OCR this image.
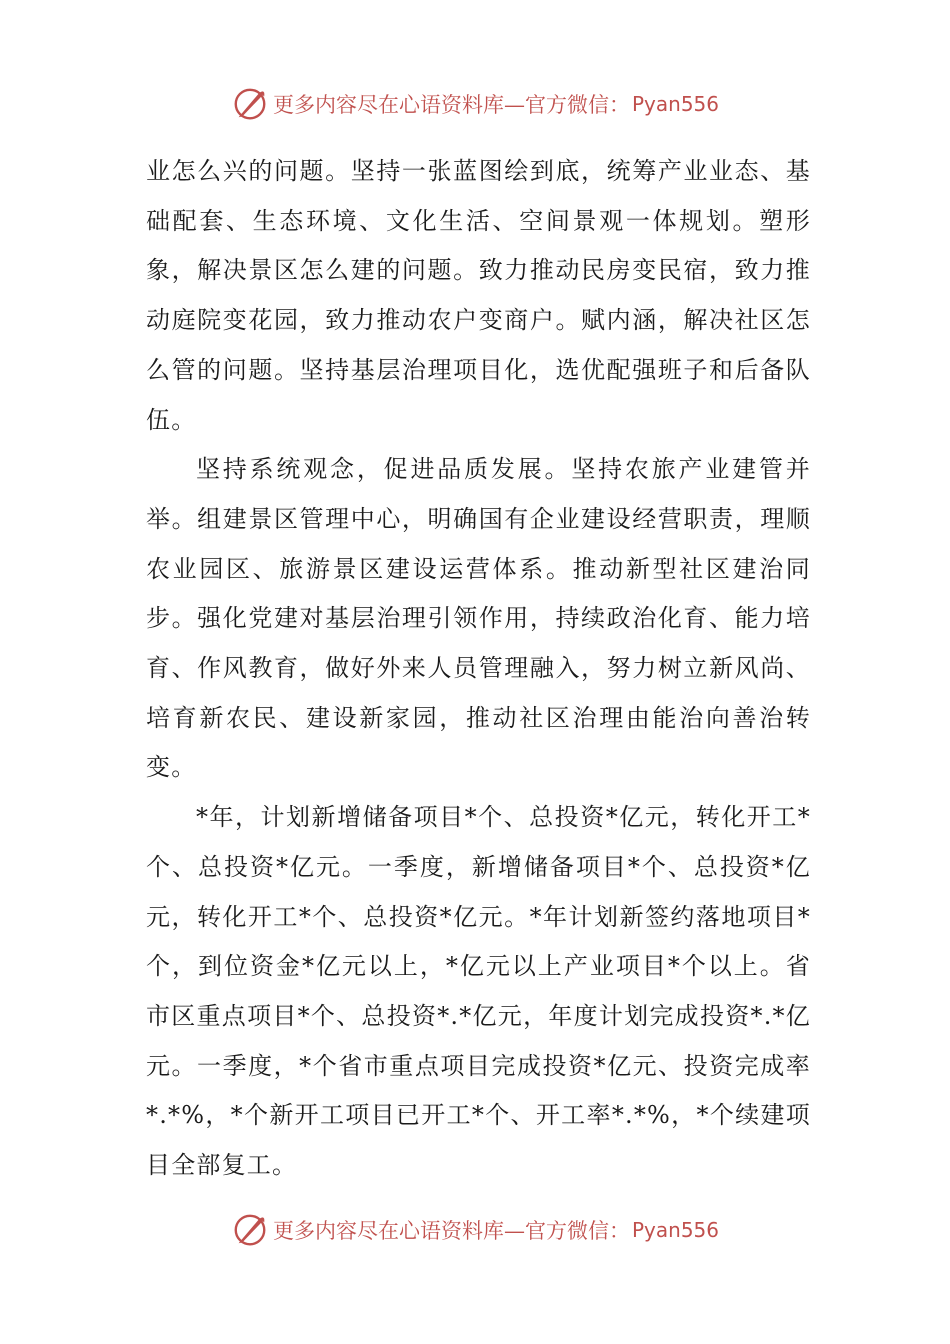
更多内容尽在心语资料库—官方微信： Pyan556

业怎么兴的问题。坚持一张蓝图绘到底，统筹产业业态、基础配套、生态环境、文化生活、空间景观一体规划。塑形象，解决景区怎么建的问题。致力推动民房变民宿，致力推动庭院变花园，致力推动农户变商户。赋内涵，解决社区怎么管的问题。坚持基层治理项目化，选优配强班子和后备队伍。

坚持系统观念，促进品质发展。坚持农旅产业建管并举。组建景区管理中心，明确国有企业建设经营职责，理顺农业园区、旅游景区建设运营体系。推动新型社区建治同步。强化党建对基层治理引领作用，持续政治化育、能力培育、作风教育，做好外来人员管理融入，努力树立新风尚、培育新农民、建设新家园，推动社区治理由能治向善治转变。

*年，计划新增储备项目*个、总投资*亿元，转化开工*个、总投资*亿元。一季度，新增储备项目*个、总投资*亿元，转化开工*个、总投资*亿元。*年计划新签约落地项目*个，到位资金*亿元以上，*亿元以上产业项目*个以上。省市区重点项目*个、总投资*.*亿元，年度计划完成投资*.*亿元。一季度，*个省市重点项目完成投资*亿元、投资完成率*.*%，*个新开工项目已开工*个、开工率*.*%，*个续建项目全部复工。

更多内容尽在心语资料库—官方微信： Pyan556
